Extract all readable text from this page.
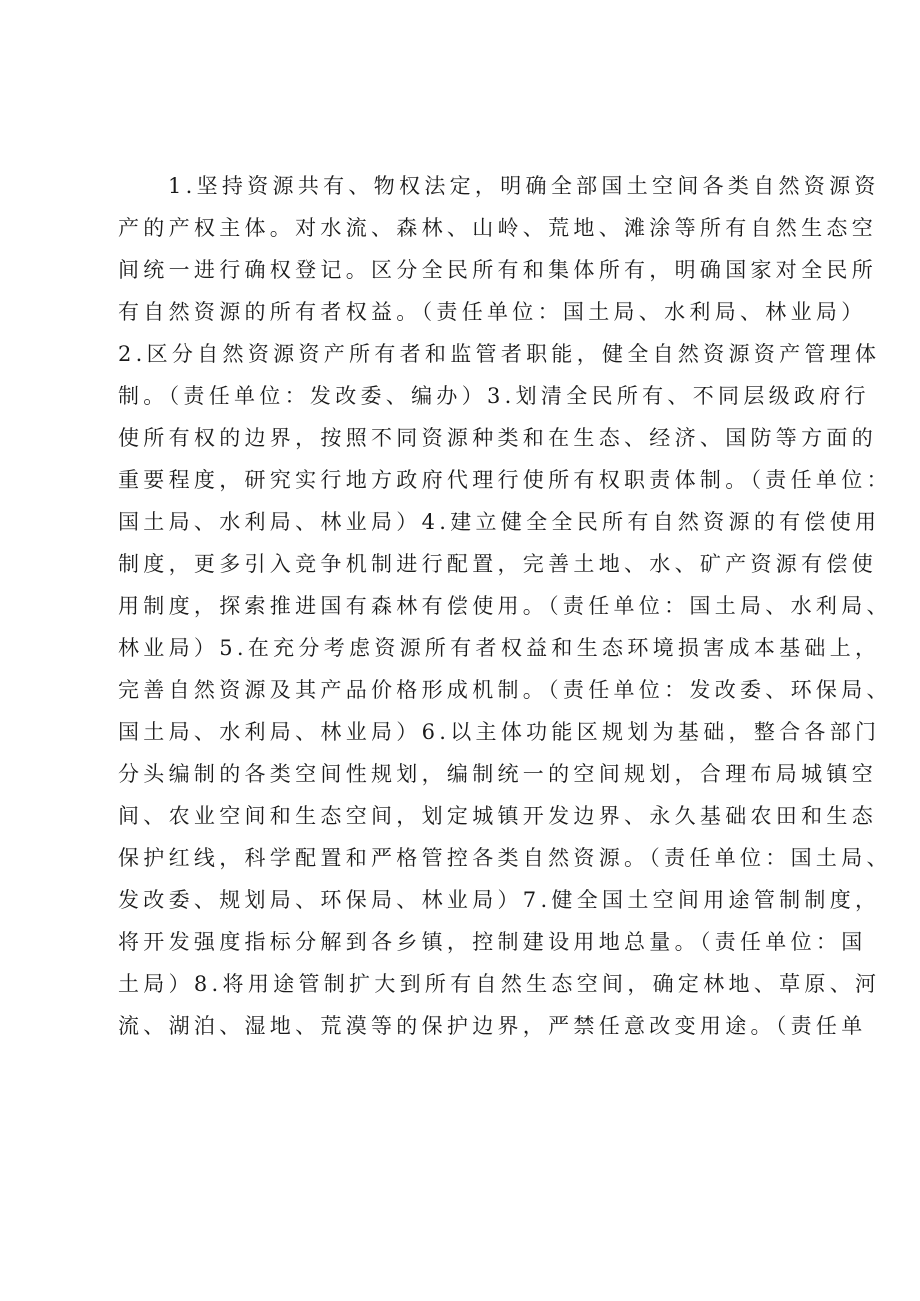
1.坚持资源共有、物权法定，明确全部国土空间各类自然资源资
产的产权主体。对水流、森林、山岭、荒地、滩涂等所有自然生态空
间统一进行确权登记。区分全民所有和集体所有，明确国家对全民所
有自然资源的所有者权益。（责任单位：国土局、水利局、林业局）
2.区分自然资源资产所有者和监管者职能，健全自然资源资产管理体
制。（责任单位：发改委、编办）3.划清全民所有、不同层级政府行
使所有权的边界，按照不同资源种类和在生态、经济、国防等方面的
重要程度，研究实行地方政府代理行使所有权职责体制。（责任单位：
国土局、水利局、林业局）4.建立健全全民所有自然资源的有偿使用
制度，更多引入竞争机制进行配置，完善土地、水、矿产资源有偿使
用制度，探索推进国有森林有偿使用。（责任单位：国土局、水利局、
林业局）5.在充分考虑资源所有者权益和生态环境损害成本基础上，
完善自然资源及其产品价格形成机制。（责任单位：发改委、环保局、
国土局、水利局、林业局）6.以主体功能区规划为基础，整合各部门
分头编制的各类空间性规划，编制统一的空间规划，合理布局城镇空
间、农业空间和生态空间，划定城镇开发边界、永久基础农田和生态
保护红线，科学配置和严格管控各类自然资源。（责任单位：国土局、
发改委、规划局、环保局、林业局）7.健全国土空间用途管制制度，
将开发强度指标分解到各乡镇，控制建设用地总量。（责任单位：国
土局）8.将用途管制扩大到所有自然生态空间，确定林地、草原、河
流、湖泊、湿地、荒漠等的保护边界，严禁任意改变用途。（责任单
